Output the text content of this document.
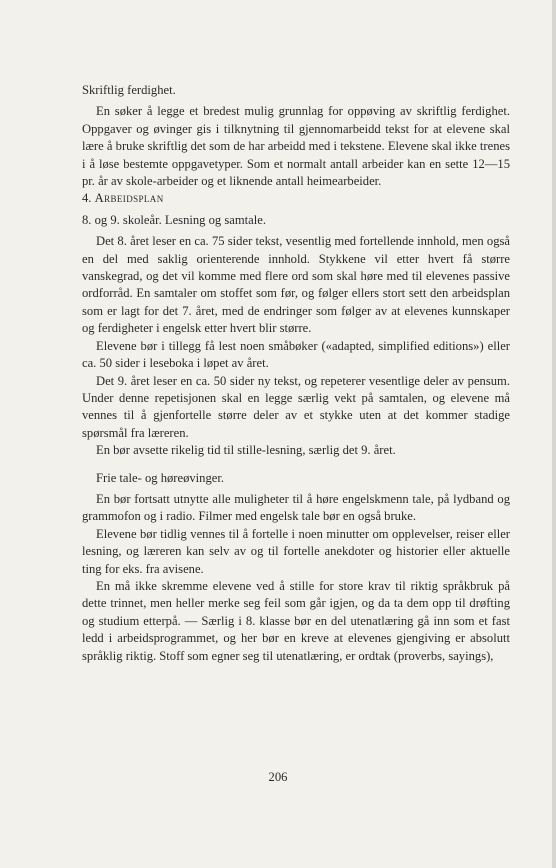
Skriftlig ferdighet.

En søker å legge et bredest mulig grunnlag for oppøving av skriftlig ferdighet. Oppgaver og øvinger gis i tilknytning til gjennomarbeidd tekst for at elevene skal lære å bruke skriftlig det som de har arbeidd med i tekstene. Elevene skal ikke trenes i å løse bestemte oppgavetyper. Som et normalt antall arbeider kan en sette 12—15 pr. år av skole-arbeider og et liknende antall heimearbeider.

4. Arbeidsplan

8. og 9. skoleår. Lesning og samtale.

Det 8. året leser en ca. 75 sider tekst, vesentlig med fortellende innhold, men også en del med saklig orienterende innhold. Stykkene vil etter hvert få større vanskegrad, og det vil komme med flere ord som skal høre med til elevenes passive ordforråd. En samtaler om stoffet som før, og følger ellers stort sett den arbeidsplan som er lagt for det 7. året, med de endringer som følger av at elevenes kunnskaper og ferdigheter i engelsk etter hvert blir større.

Elevene bør i tillegg få lest noen småbøker («adapted, simplified editions») eller ca. 50 sider i leseboka i løpet av året.

Det 9. året leser en ca. 50 sider ny tekst, og repeterer vesentlige deler av pensum. Under denne repetisjonen skal en legge særlig vekt på samtalen, og elevene må vennes til å gjenfortelle større deler av et stykke uten at det kommer stadige spørsmål fra læreren.

En bør avsette rikelig tid til stille-lesning, særlig det 9. året.

Frie tale- og høreøvinger.

En bør fortsatt utnytte alle muligheter til å høre engelskmenn tale, på lydband og grammofon og i radio. Filmer med engelsk tale bør en også bruke.

Elevene bør tidlig vennes til å fortelle i noen minutter om opplevelser, reiser eller lesning, og læreren kan selv av og til fortelle anekdoter og historier eller aktuelle ting for eks. fra avisene.

En må ikke skremme elevene ved å stille for store krav til riktig språkbruk på dette trinnet, men heller merke seg feil som går igjen, og da ta dem opp til drøfting og studium etterpå. — Særlig i 8. klasse bør en del utenatlæring gå inn som et fast ledd i arbeidsprogrammet, og her bør en kreve at elevenes gjengiving er absolutt språklig riktig. Stoff som egner seg til utenatlæring, er ordtak (proverbs, sayings),

206
